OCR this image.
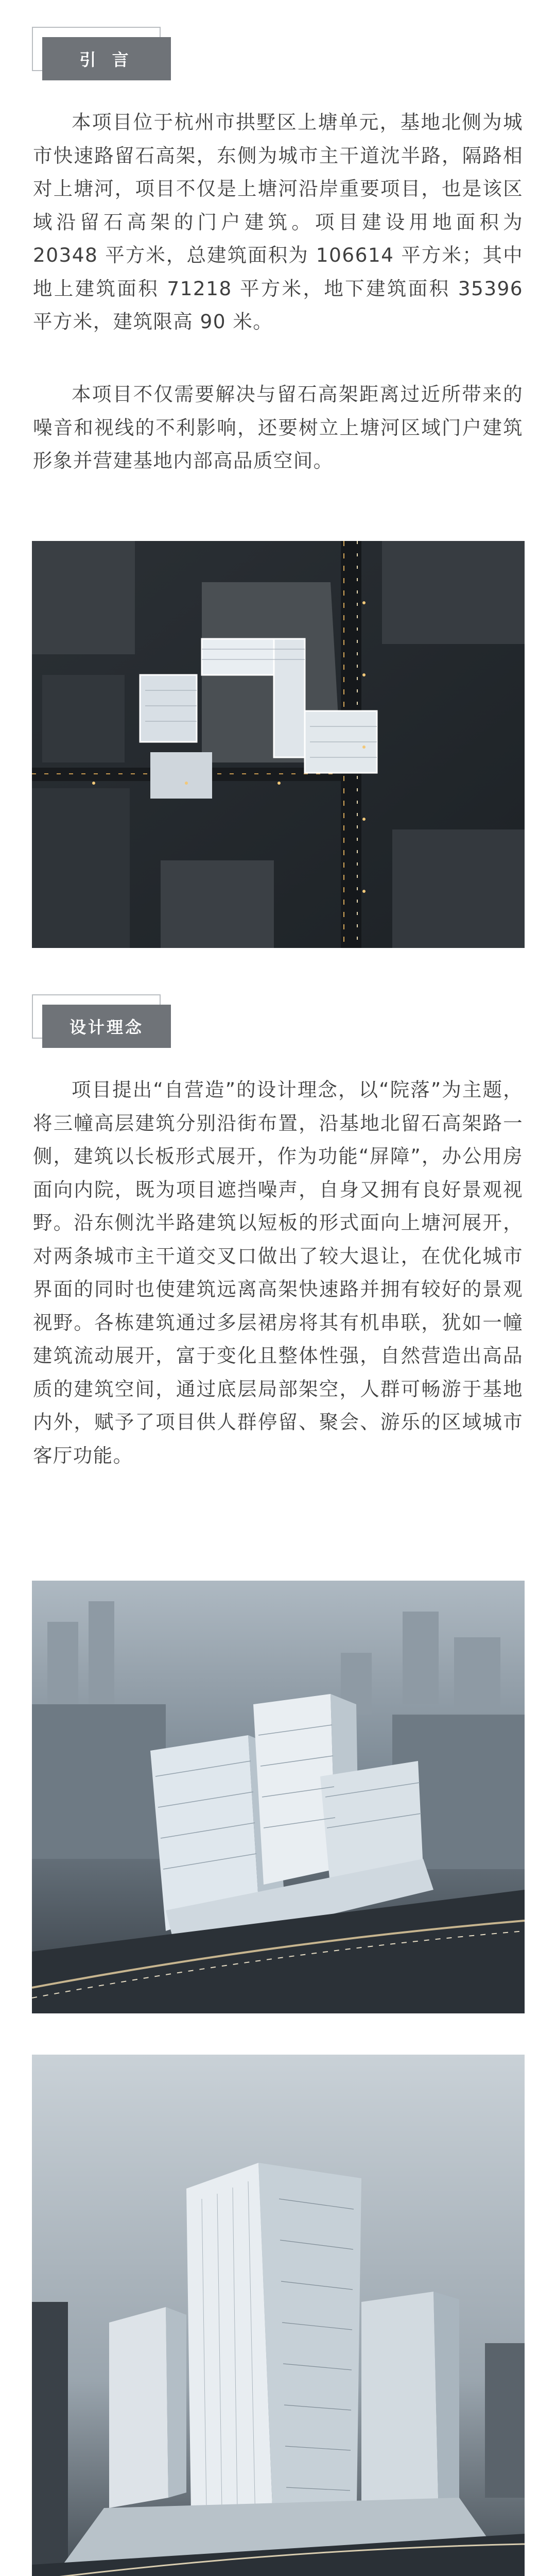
引 言

本项目位于杭州市拱墅区上塘单元，基地北侧为城市快速路留石高架，东侧为城市主干道沈半路，隔路相对上塘河，项目不仅是上塘河沿岸重要项目，也是该区域沿留石高架的门户建筑。项目建设用地面积为 20348 平方米，总建筑面积为 106614 平方米；其中地上建筑面积 71218 平方米，地下建筑面积 35396 平方米，建筑限高 90 米。

本项目不仅需要解决与留石高架距离过近所带来的噪音和视线的不利影响，还要树立上塘河区域门户建筑形象并营建基地内部高品质空间。

设计理念

项目提出“自营造”的设计理念，以“院落”为主题，将三幢高层建筑分别沿街布置，沿基地北留石高架路一侧，建筑以长板形式展开，作为功能“屏障”，办公用房面向内院，既为项目遮挡噪声，自身又拥有良好景观视野。沿东侧沈半路建筑以短板的形式面向上塘河展开，对两条城市主干道交叉口做出了较大退让，在优化城市界面的同时也使建筑远离高架快速路并拥有较好的景观视野。各栋建筑通过多层裙房将其有机串联，犹如一幢建筑流动展开，富于变化且整体性强，自然营造出高品质的建筑空间，通过底层局部架空，人群可畅游于基地内外，赋予了项目供人群停留、聚会、游乐的区域城市客厅功能。
